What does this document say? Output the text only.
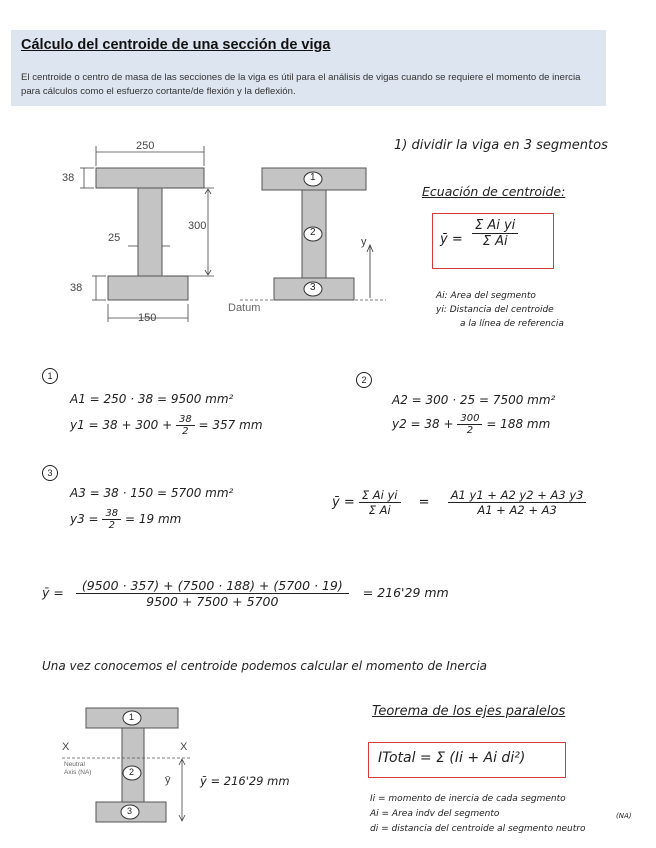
Cálculo del centroide de una sección de viga
El centroide o centro de masa de las secciones de la viga es útil para el análisis de vigas cuando se requiere el momento de inercia para cálculos como el esfuerzo cortante/de flexión y la deflexión.
250
38
300
25
38
150
1
2
3
y
Datum
1) dividir la viga en 3 segmentos
Ecuación de centroide:
ȳ = $\frac{\text{Σ Ai yi}}{\text{Σ Ai}}$
Ai: Area del segmento
yi: Distancia del centroide
a la línea de referencia
1
A1 = 250 · 38 = 9500 mm²
$y1 = 38 + 300 + \frac{38}{2} = 357$ mm
2
A2 = 300 · 25 = 7500 mm²
$y2 = 38 + \frac{300}{2} = 188$ mm
3
A3 = 38 · 150 = 5700 mm²
$y3 = \frac{38}{2} = 19$ mm
ȳ = $\frac{\text{Σ Ai yi}}{\text{Σ Ai}} = \frac{A1 y1 + A2 y2 + A3 y3}{A1 + A2 + A3}$
ȳ = $\frac{(9500 \cdot 357) + (7500 \cdot 188) + (5700 \cdot 19)}{9500 + 7500 + 5700} = 216'29$ mm
Una vez conocemos el centroide podemos calcular el momento de Inercia
1
2
3
X	X
Neutral
Axis (NA)
ȳ	ȳ = 216'29 mm
Teorema de los ejes paralelos
ITotal = Σ (Ii + Ai di²)
Ii = momento de inercia de cada segmento
Ai = Area indv del segmento	(NA)
di = distancia del centroide al segmento neutro
